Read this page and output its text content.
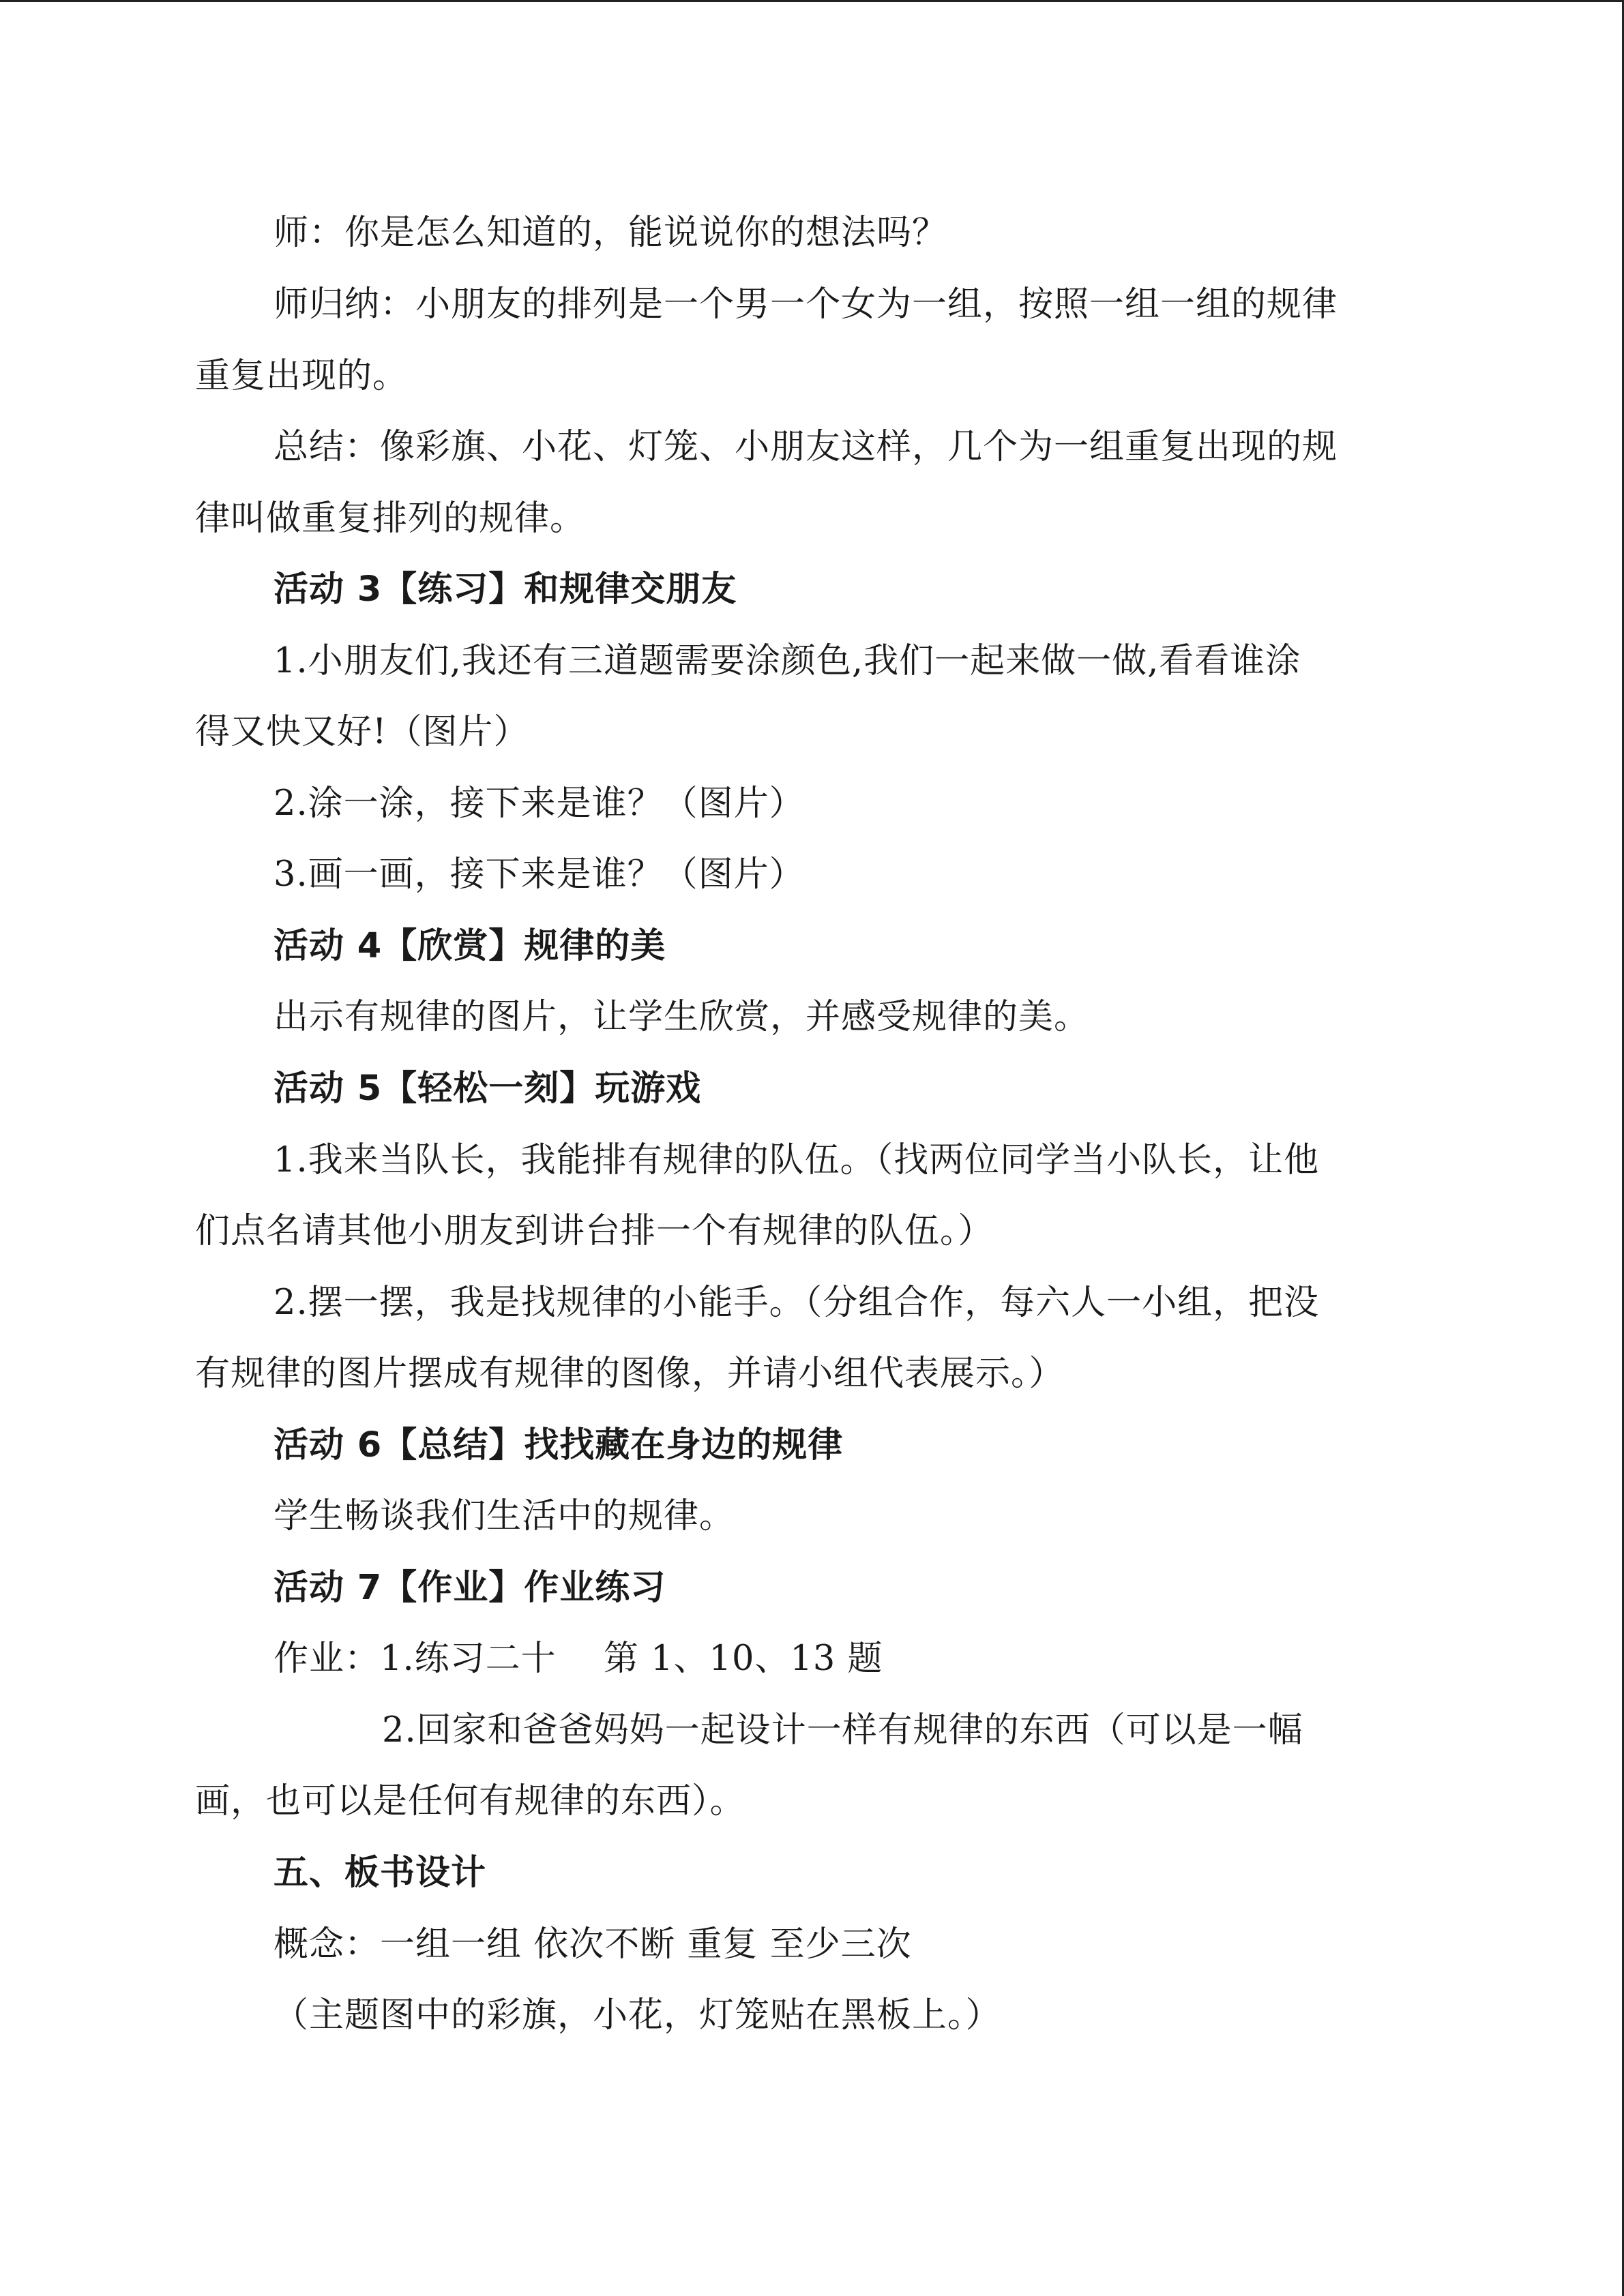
师：你是怎么知道的，能说说你的想法吗？
师归纳：小朋友的排列是一个男一个女为一组，按照一组一组的规律
重复出现的。
总结：像彩旗、小花、灯笼、小朋友这样，几个为一组重复出现的规
律叫做重复排列的规律。
活动 3【练习】和规律交朋友
1.小朋友们,我还有三道题需要涂颜色,我们一起来做一做,看看谁涂
得又快又好!（图片）
2.涂一涂，接下来是谁？（图片）
3.画一画，接下来是谁？（图片）
活动 4【欣赏】规律的美
出示有规律的图片，让学生欣赏，并感受规律的美。
活动 5【轻松一刻】玩游戏
1.我来当队长，我能排有规律的队伍。（找两位同学当小队长，让他
们点名请其他小朋友到讲台排一个有规律的队伍。）
2.摆一摆，我是找规律的小能手。（分组合作，每六人一小组，把没
有规律的图片摆成有规律的图像，并请小组代表展示。）
活动 6【总结】找找藏在身边的规律
学生畅谈我们生活中的规律。
活动 7【作业】作业练习
作业：1.练习二十　 第 1、10、13 题
2.回家和爸爸妈妈一起设计一样有规律的东西（可以是一幅
画，也可以是任何有规律的东西）。
五、板书设计
概念：一组一组 依次不断 重复 至少三次
（主题图中的彩旗，小花，灯笼贴在黑板上。）
